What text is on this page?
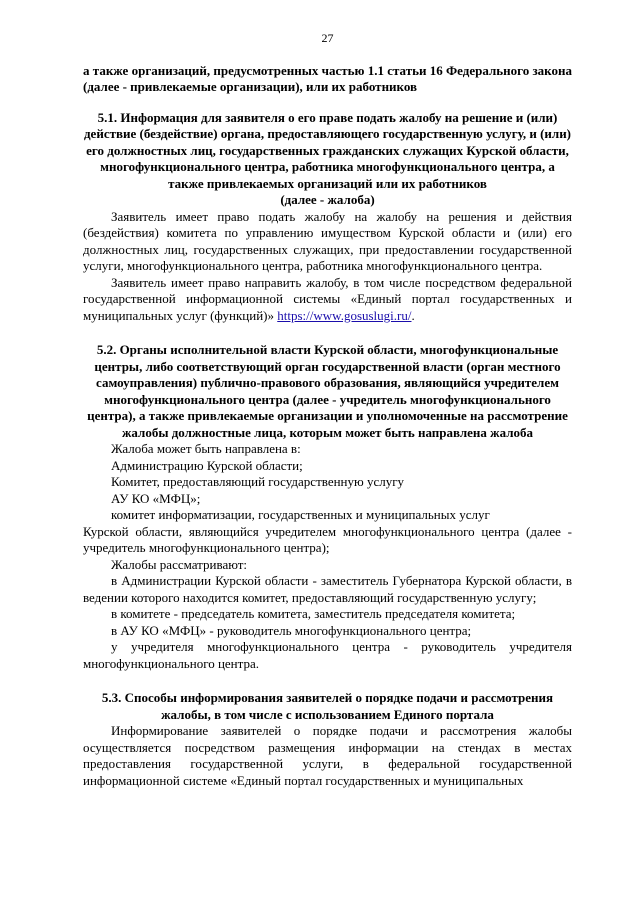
27

а также организаций, предусмотренных частью 1.1 статьи 16 Федерального закона (далее - привлекаемые организации), или их работников

5.1. Информация для заявителя о его праве подать жалобу на решение и (или) действие (бездействие) органа, предоставляющего государственную услугу, и (или) его должностных лиц, государственных гражданских служащих Курской области, многофункционального центра, работника многофункционального центра, а также привлекаемых организаций или их работников

(далее - жалоба)

Заявитель имеет право подать жалобу на жалобу на решения и действия (бездействия) комитета по управлению имуществом Курской области и (или) его должностных лиц, государственных служащих, при предоставлении государственной услуги, многофункционального центра, работника многофункционального центра.

Заявитель имеет право направить жалобу, в том числе посредством федеральной государственной информационной системы «Единый портал государственных и муниципальных услуг (функций)» https://www.gosuslugi.ru/.

5.2. Органы исполнительной власти Курской области, многофункциональные центры, либо соответствующий орган государственной власти (орган местного самоуправления) публично-правового образования, являющийся учредителем многофункционального центра (далее - учредитель многофункционального центра), а также привлекаемые организации и уполномоченные на рассмотрение жалобы должностные лица, которым может быть направлена жалоба

Жалоба может быть направлена в:

Администрацию Курской области;

Комитет, предоставляющий государственную услугу

АУ КО «МФЦ»;

комитет информатизации, государственных и муниципальных услуг

Курской области, являющийся учредителем многофункционального центра (далее - учредитель многофункционального центра);

Жалобы рассматривают:

в Администрации Курской области - заместитель Губернатора Курской области, в ведении которого находится комитет, предоставляющий государственную услугу;

в комитете - председатель комитета, заместитель председателя комитета;

в АУ КО «МФЦ» - руководитель многофункционального центра;

у учредителя многофункционального центра - руководитель учредителя многофункционального центра.

5.3. Способы информирования заявителей о порядке подачи и рассмотрения жалобы, в том числе с использованием Единого портала

Информирование заявителей о порядке подачи и рассмотрения жалобы осуществляется посредством размещения информации на стендах в местах предоставления государственной услуги, в федеральной государственной информационной системе «Единый портал государственных и муниципальных
